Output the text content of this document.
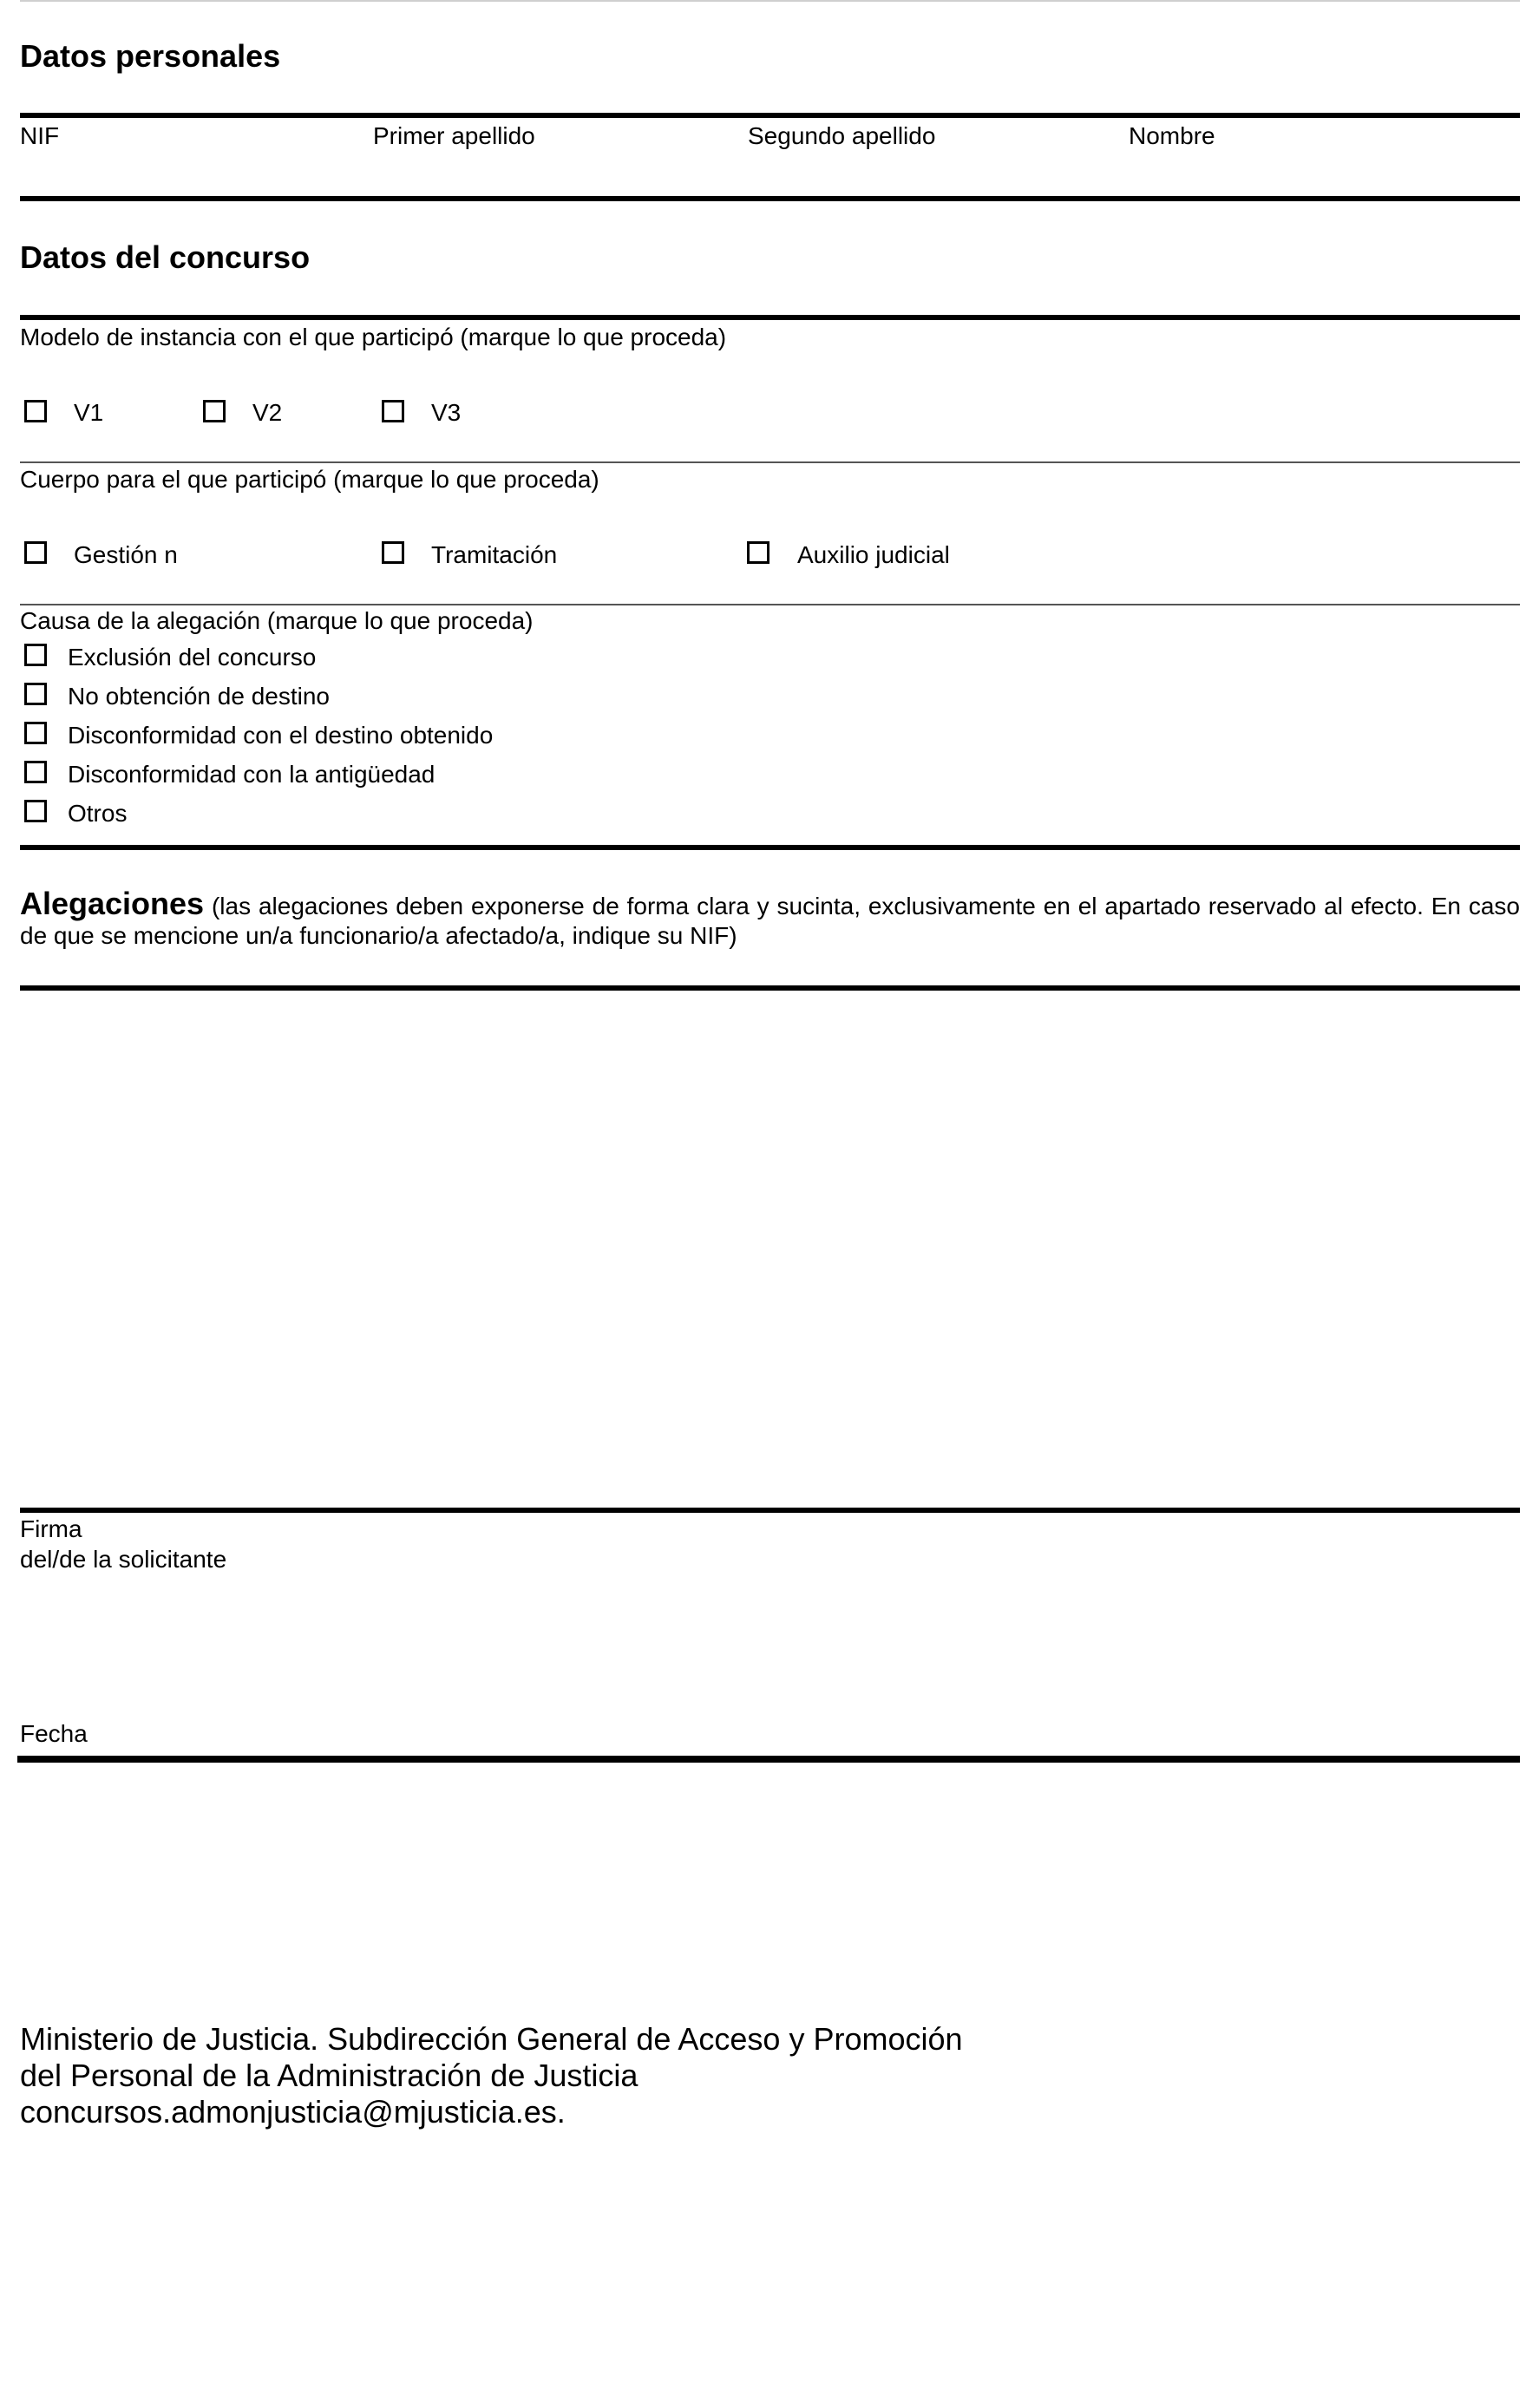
Datos personales
NIF	Primer apellido	Segundo apellido	Nombre
Datos del concurso
Modelo de instancia con el que participó (marque lo que proceda)
V1	V2	V3
Cuerpo para el que participó (marque lo que proceda)
Gestión n	Tramitación	Auxilio judicial
Causa de la alegación (marque lo que proceda)
Exclusión del concurso
No obtención de destino
Disconformidad con el destino obtenido
Disconformidad con la antigüedad
Otros
Alegaciones (las alegaciones deben exponerse de forma clara y sucinta, exclusivamente en el apartado reservado al efecto. En caso de que se mencione un/a funcionario/a afectado/a, indique su NIF)
Firma
del/de la solicitante
Fecha
Ministerio de Justicia. Subdirección General de Acceso y Promoción
del Personal de la Administración de Justicia
concursos.admonjusticia@mjusticia.es.
